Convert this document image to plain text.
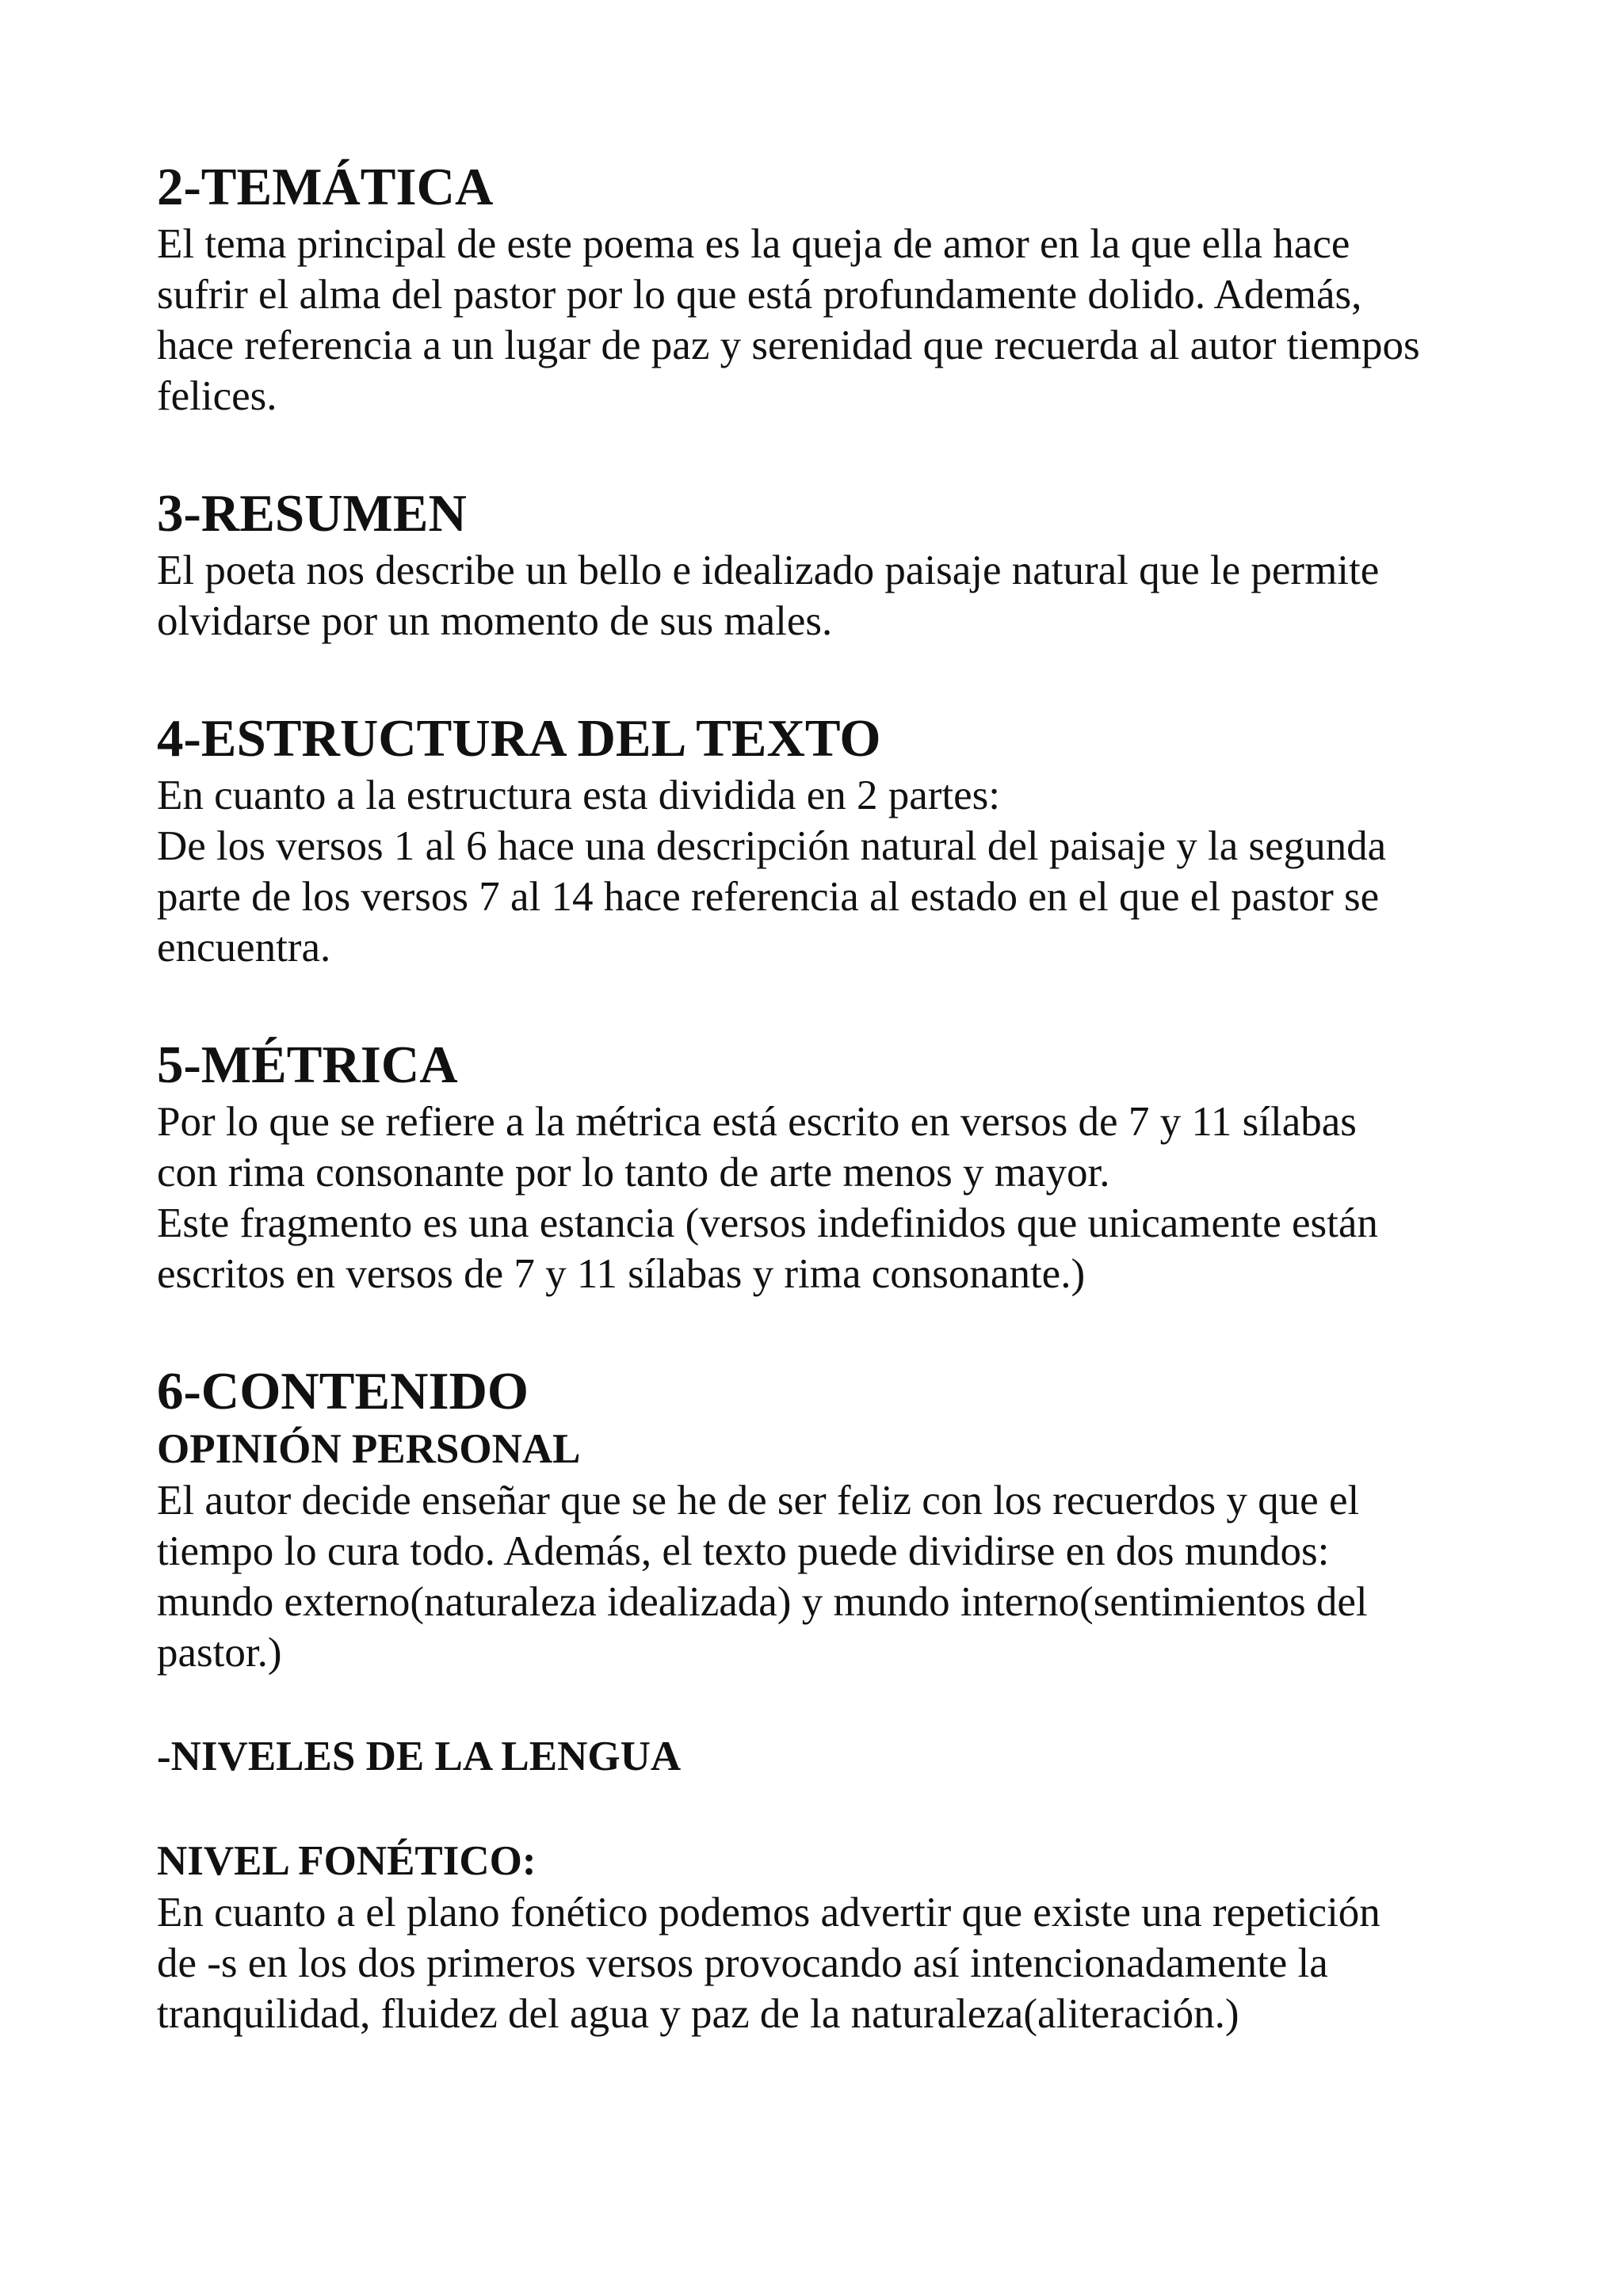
2-TEMÁTICA

El tema principal de este poema es la queja de amor en la que ella hace

sufrir el alma del pastor por lo que está profundamente dolido. Además,

hace referencia a un lugar de paz y serenidad que recuerda al autor tiempos

felices.

3-RESUMEN

El poeta nos describe un bello e idealizado paisaje natural que le permite

olvidarse por un momento de sus males.

4-ESTRUCTURA DEL TEXTO

En cuanto a la estructura esta dividida en 2 partes:

De los versos 1 al 6 hace una descripción natural del paisaje y la segunda

parte de los versos 7 al 14 hace referencia al estado en el que el pastor se

encuentra.

5-MÉTRICA

Por lo que se refiere a la métrica está escrito en versos de 7 y 11 sílabas

con rima consonante por lo tanto de arte menos y mayor.

Este fragmento es una estancia (versos indefinidos que unicamente están

escritos en versos de 7 y 11 sílabas y rima consonante.)

6-CONTENIDO
OPINIÓN PERSONAL

El autor decide enseñar que se he de ser feliz con los recuerdos y que el

tiempo lo cura todo. Además, el texto puede dividirse en dos mundos:

mundo externo(naturaleza idealizada) y mundo interno(sentimientos del

pastor.)

-NIVELES DE LA LENGUA
NIVEL FONÉTICO:

En cuanto a el plano fonético podemos advertir que existe una repetición

de -s en los dos primeros versos provocando así intencionadamente la

tranquilidad, fluidez del agua y paz de la naturaleza(aliteración.)
